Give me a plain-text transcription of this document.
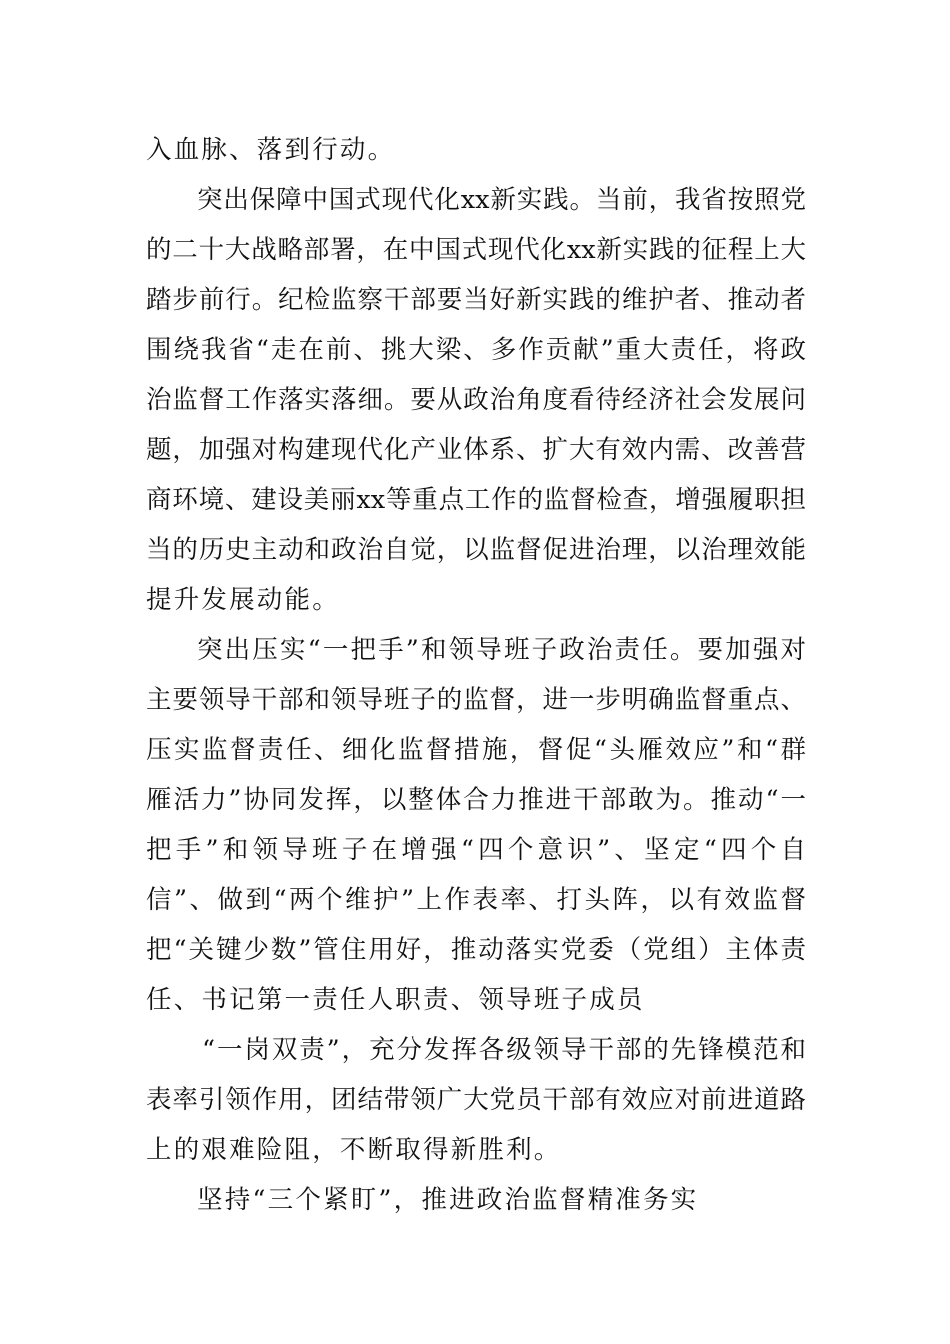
入血脉、落到行动。
突出保障中国式现代化xx新实践。当前，我省按照党
的二十大战略部署，在中国式现代化xx新实践的征程上大
踏步前行。纪检监察干部要当好新实践的维护者、推动者
围绕我省“走在前、挑大梁、多作贡献”重大责任，将政
治监督工作落实落细。要从政治角度看待经济社会发展问
题，加强对构建现代化产业体系、扩大有效内需、改善营
商环境、建设美丽xx等重点工作的监督检查，增强履职担
当的历史主动和政治自觉，以监督促进治理，以治理效能
提升发展动能。
突出压实“一把手”和领导班子政治责任。要加强对
主要领导干部和领导班子的监督，进一步明确监督重点、
压实监督责任、细化监督措施，督促“头雁效应”和“群
雁活力”协同发挥，以整体合力推进干部敢为。推动“一
把手”和领导班子在增强“四个意识”、坚定“四个自
信”、做到“两个维护”上作表率、打头阵，以有效监督
把“关键少数”管住用好，推动落实党委（党组）主体责
任、书记第一责任人职责、领导班子成员
“一岗双责”，充分发挥各级领导干部的先锋模范和
表率引领作用，团结带领广大党员干部有效应对前进道路
上的艰难险阻，不断取得新胜利。
坚持“三个紧盯”，推进政治监督精准务实
